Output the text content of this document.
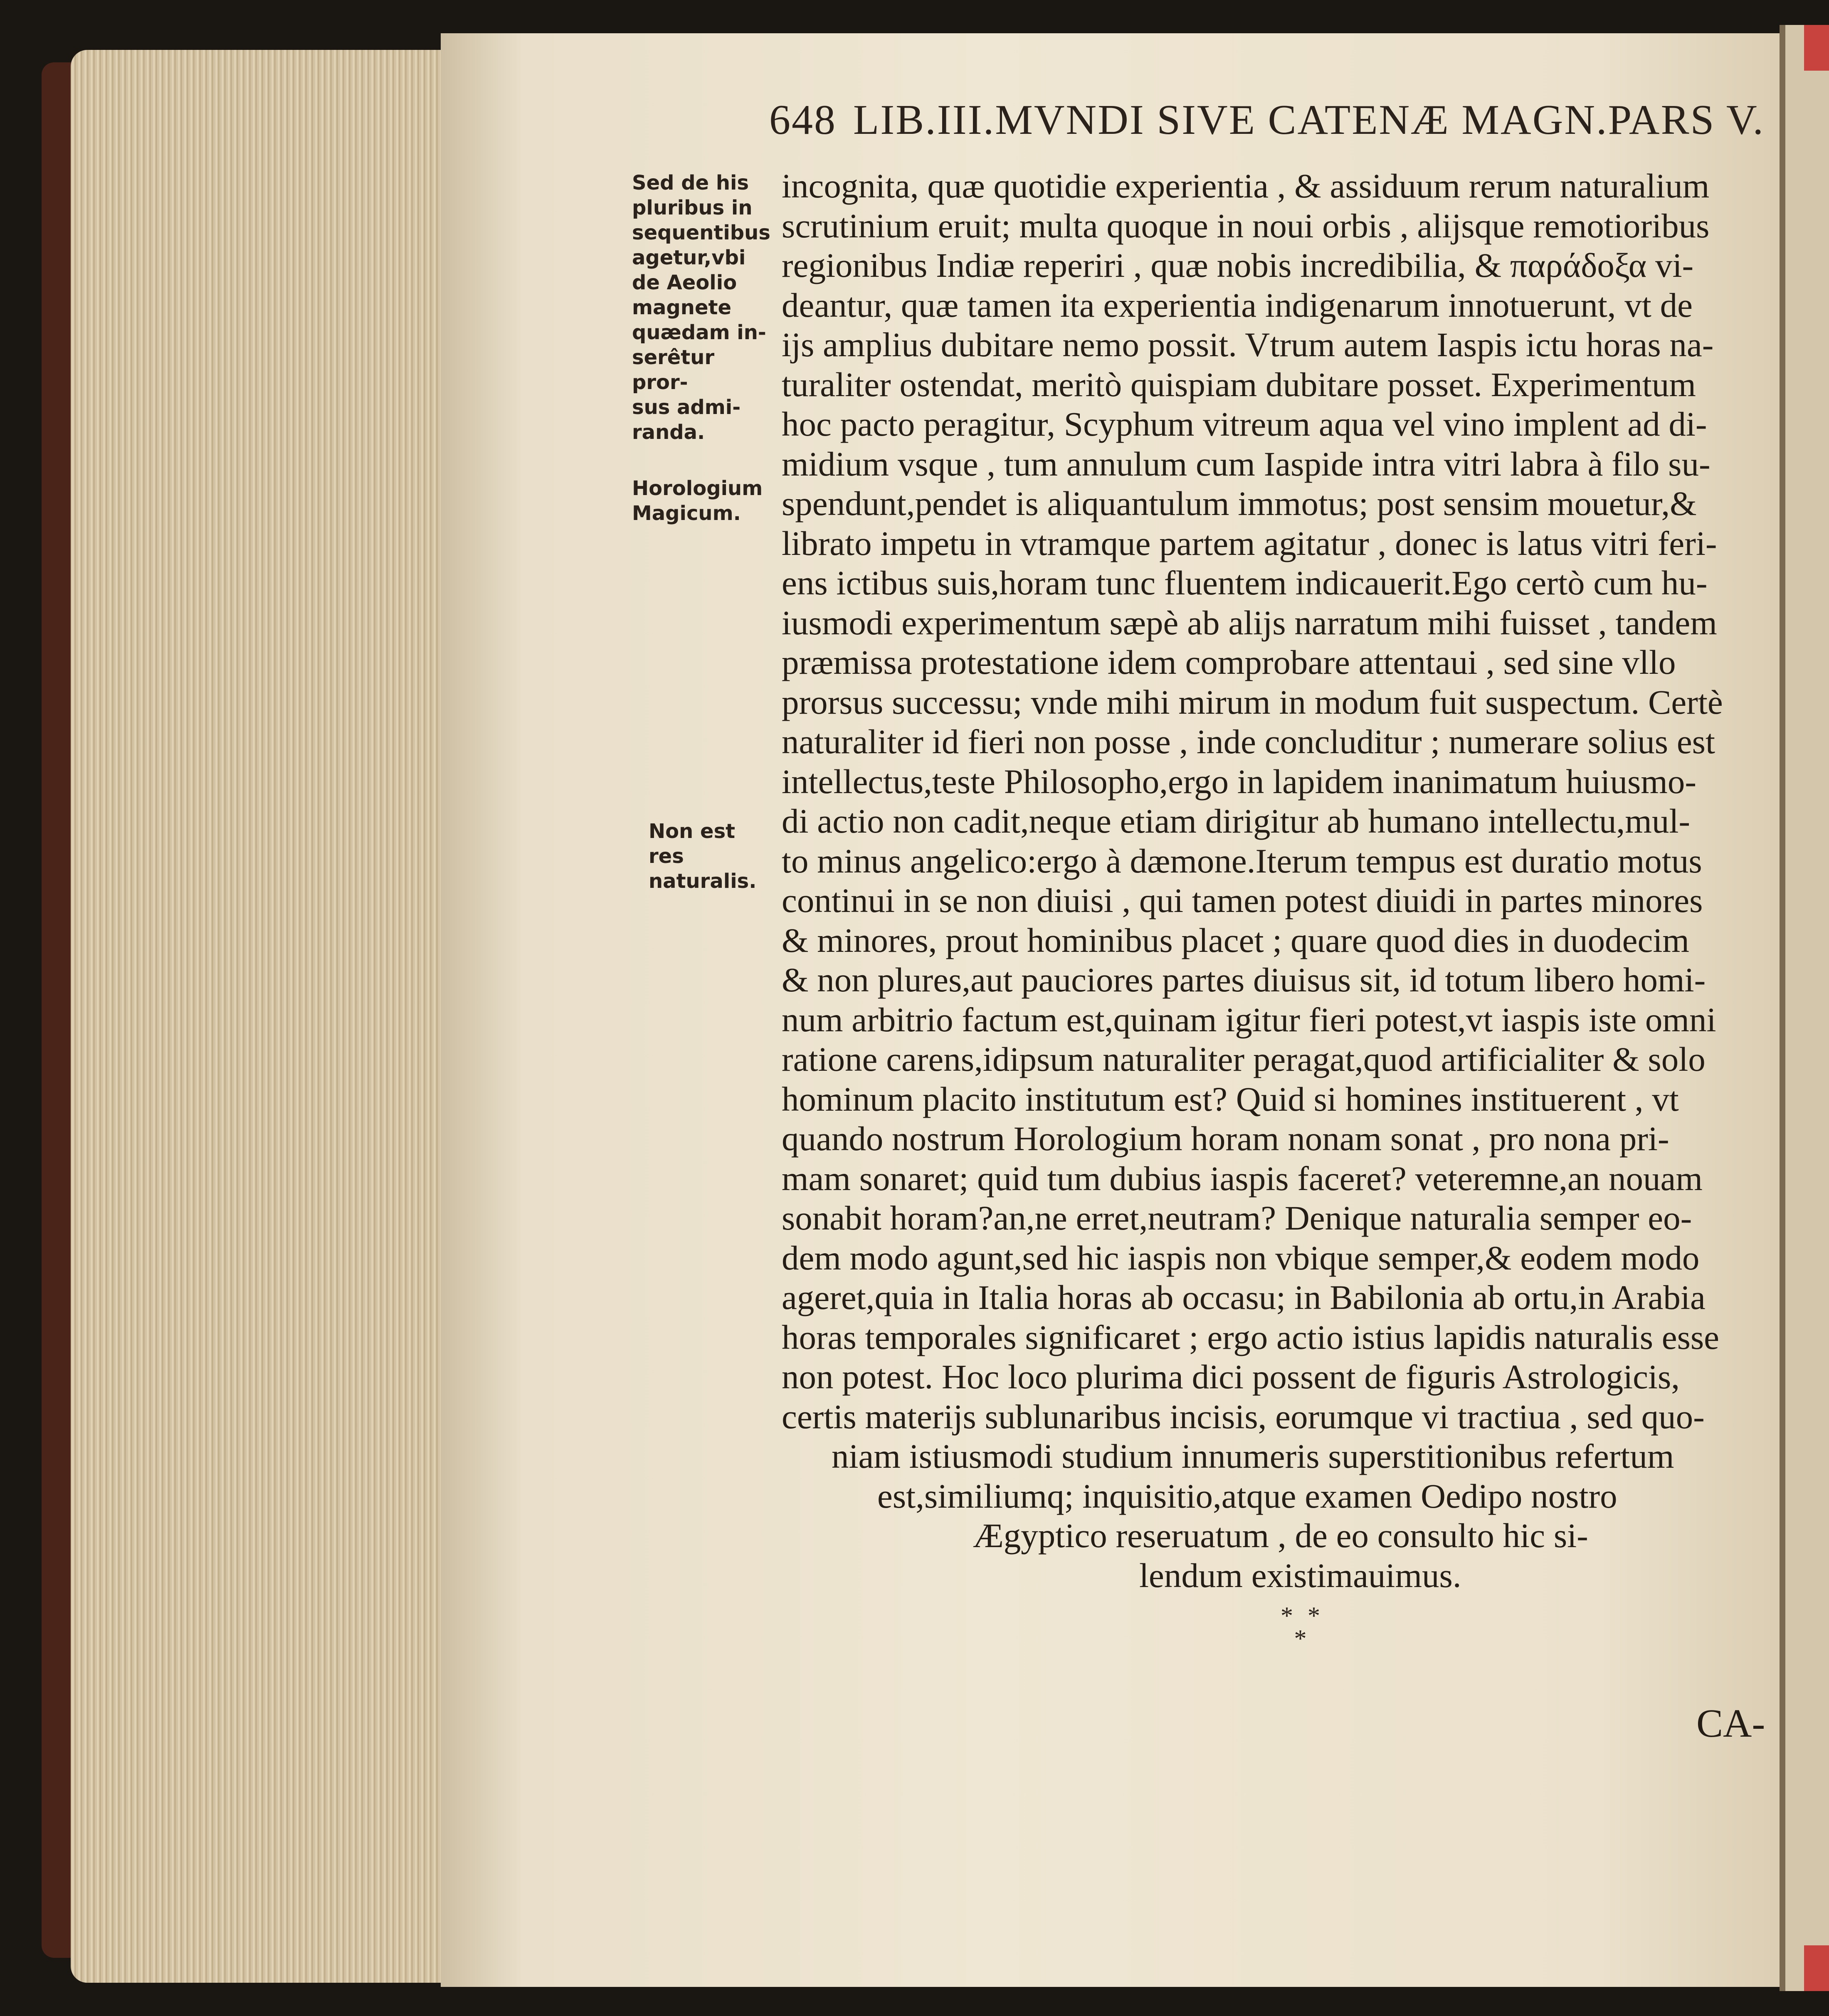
648 LIB.III.MVNDI SIVE CATENÆ MAGN.PARS V.
Sed de his
pluribus in
sequentibus
agetur,vbi
de Aeolio
magnete
quædam in-
serêtur pror-
sus admi-
randa.
Horologium
Magicum.
Non est res
naturalis.
incognita, quæ quotidie experientia , & assiduum rerum naturalium
scrutinium eruit; multa quoque in noui orbis , alijsque remotioribus
regionibus Indiæ reperiri , quæ nobis incredibilia, & παράδοξα vi-
deantur, quæ tamen ita experientia indigenarum innotuerunt, vt de
ijs amplius dubitare nemo possit. Vtrum autem Iaspis ictu horas na-
turaliter ostendat, meritò quispiam dubitare posset. Experimentum
hoc pacto peragitur, Scyphum vitreum aqua vel vino implent ad di-
midium vsque , tum annulum cum Iaspide intra vitri labra à filo su-
spendunt,pendet is aliquantulum immotus; post sensim mouetur,&
librato impetu in vtramque partem agitatur , donec is latus vitri feri-
ens ictibus suis,horam tunc fluentem indicauerit.Ego certò cum hu-
iusmodi experimentum sæpè ab alijs narratum mihi fuisset , tandem
præmissa protestatione idem comprobare attentaui , sed sine vllo
prorsus successu; vnde mihi mirum in modum fuit suspectum. Certè
naturaliter id fieri non posse , inde concluditur ; numerare solius est
intellectus,teste Philosopho,ergo in lapidem inanimatum huiusmo-
di actio non cadit,neque etiam dirigitur ab humano intellectu,mul-
to minus angelico:ergo à dæmone.Iterum tempus est duratio motus
continui in se non diuisi , qui tamen potest diuidi in partes minores
& minores, prout hominibus placet ; quare quod dies in duodecim
& non plures,aut pauciores partes diuisus sit, id totum libero homi-
num arbitrio factum est,quinam igitur fieri potest,vt iaspis iste omni
ratione carens,idipsum naturaliter peragat,quod artificialiter & solo
hominum placito institutum est? Quid si homines instituerent , vt
quando nostrum Horologium horam nonam sonat , pro nona pri-
mam sonaret; quid tum dubius iaspis faceret? veteremne,an nouam
sonabit horam?an,ne erret,neutram? Denique naturalia semper eo-
dem modo agunt,sed hic iaspis non vbique semper,& eodem modo
ageret,quia in Italia horas ab occasu; in Babilonia ab ortu,in Arabia
horas temporales significaret ; ergo actio istius lapidis naturalis esse
non potest. Hoc loco plurima dici possent de figuris Astrologicis,
certis materijs sublunaribus incisis, eorumque vi tractiua , sed quo-
niam istiusmodi studium innumeris superstitionibus refertum
est,similiumq; inquisitio,atque examen Oedipo nostro
Ægyptico reseruatum , de eo consulto hic si-
lendum existimauimus.
* *
*
CA-
